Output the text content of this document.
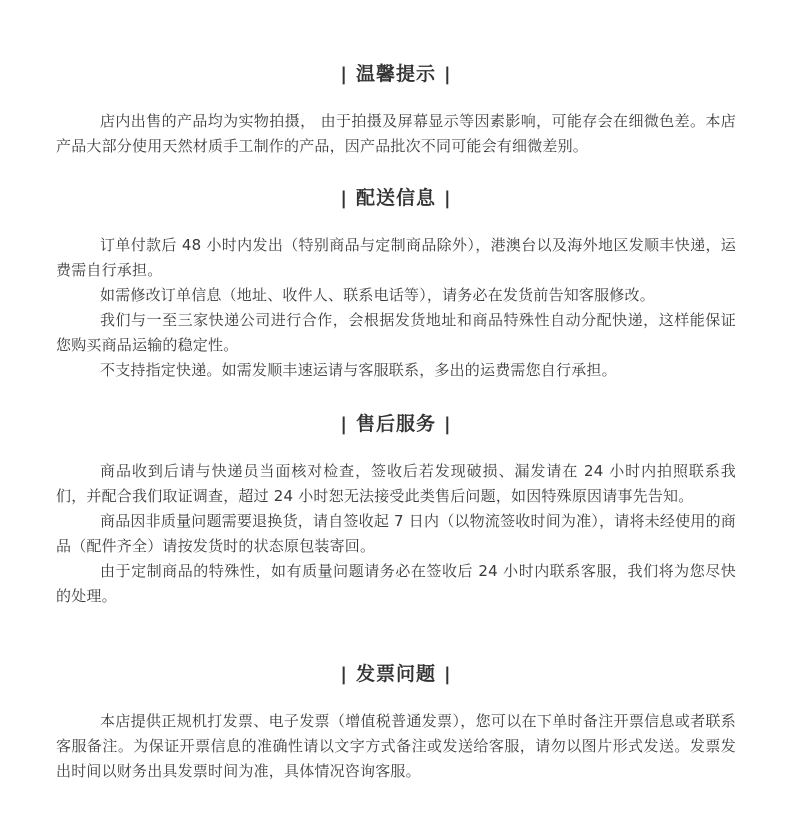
| 温馨提示 |

店内出售的产品均为实物拍摄， 由于拍摄及屏幕显示等因素影响，可能存会在细微色差。本店产品大部分使用天然材质手工制作的产品，因产品批次不同可能会有细微差别。

| 配送信息 |

订单付款后 48 小时内发出（特别商品与定制商品除外），港澳台以及海外地区发顺丰快递，运费需自行承担。

如需修改订单信息（地址、收件人、联系电话等），请务必在发货前告知客服修改。

我们与一至三家快递公司进行合作，会根据发货地址和商品特殊性自动分配快递，这样能保证您购买商品运输的稳定性。

不支持指定快递。如需发顺丰速运请与客服联系，多出的运费需您自行承担。

| 售后服务 |

商品收到后请与快递员当面核对检查，签收后若发现破损、漏发请在 24 小时内拍照联系我们，并配合我们取证调查，超过 24 小时恕无法接受此类售后问题，如因特殊原因请事先告知。

商品因非质量问题需要退换货，请自签收起 7 日内（以物流签收时间为准），请将未经使用的商品（配件齐全）请按发货时的状态原包装寄回。

由于定制商品的特殊性，如有质量问题请务必在签收后 24 小时内联系客服，我们将为您尽快的处理。

| 发票问题 |

本店提供正规机打发票、电子发票（增值税普通发票），您可以在下单时备注开票信息或者联系客服备注。为保证开票信息的准确性请以文字方式备注或发送给客服，请勿以图片形式发送。发票发出时间以财务出具发票时间为准，具体情况咨询客服。
